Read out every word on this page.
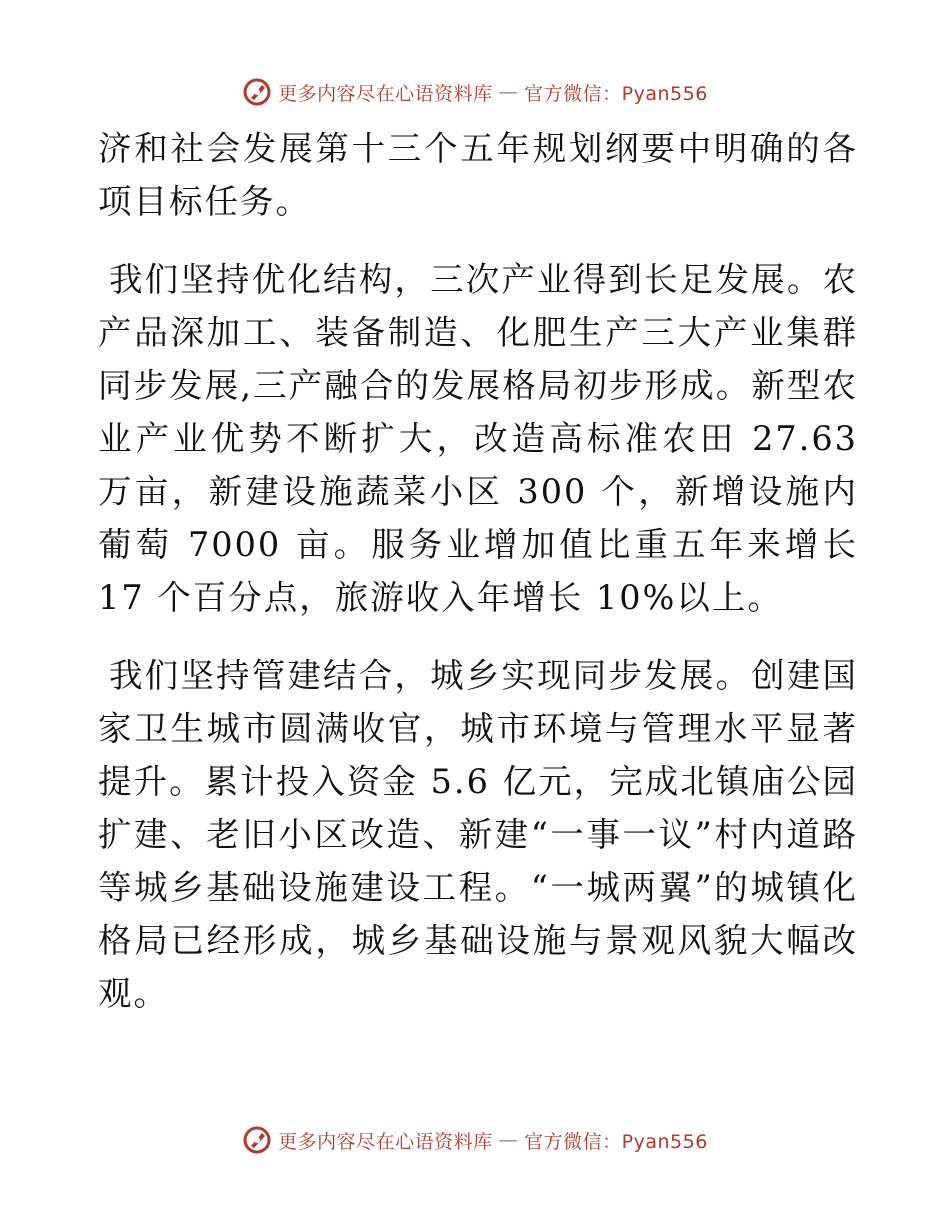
更多内容尽在心语资料库 — 官方微信：Pyan556

济和社会发展第十三个五年规划纲要中明确的各项目标任务。

我们坚持优化结构，三次产业得到长足发展。农产品深加工、装备制造、化肥生产三大产业集群同步发展,三产融合的发展格局初步形成。新型农业产业优势不断扩大，改造高标准农田 27.63 万亩，新建设施蔬菜小区 300 个，新增设施内葡萄 7000 亩。服务业增加值比重五年来增长 17 个百分点，旅游收入年增长 10%以上。

我们坚持管建结合，城乡实现同步发展。创建国家卫生城市圆满收官，城市环境与管理水平显著提升。累计投入资金 5.6 亿元，完成北镇庙公园扩建、老旧小区改造、新建“一事一议”村内道路等城乡基础设施建设工程。“一城两翼”的城镇化格局已经形成，城乡基础设施与景观风貌大幅改观。

更多内容尽在心语资料库 — 官方微信：Pyan556
